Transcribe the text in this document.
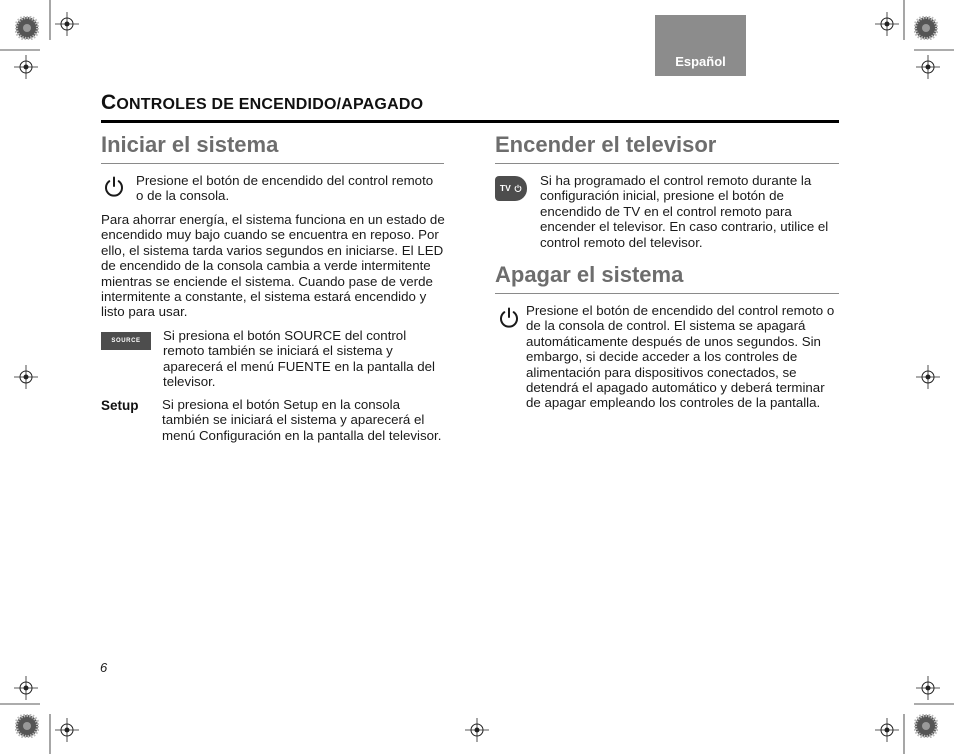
Español
CONTROLES DE ENCENDIDO/APAGADO
Iniciar el sistema
Presione el botón de encendido del control remoto o de la consola.
Para ahorrar energía, el sistema funciona en un estado de encendido muy bajo cuando se encuentra en reposo. Por ello, el sistema tarda varios segundos en iniciarse. El LED de encendido de la consola cambia a verde intermitente mientras se enciende el sistema. Cuando pase de verde intermitente a constante, el sistema estará encendido y listo para usar.
SOURCE	Si presiona el botón SOURCE del control remoto también se iniciará el sistema y aparecerá el menú FUENTE en la pantalla del televisor.
Setup Si presiona el botón Setup en la consola también se iniciará el sistema y aparecerá el menú Configuración en la pantalla del televisor.
Encender el televisor
TV	Si ha programado el control remoto durante la configuración inicial, presione el botón de encendido de TV en el control remoto para encender el televisor. En caso contrario, utilice el control remoto del televisor.
Apagar el sistema
Presione el botón de encendido del control remoto o de la consola de control. El sistema se apagará automáticamente después de unos segundos. Sin embargo, si decide acceder a los controles de alimentación para dispositivos conectados, se detendrá el apagado automático y deberá terminar de apagar empleando los controles de la pantalla.
6
